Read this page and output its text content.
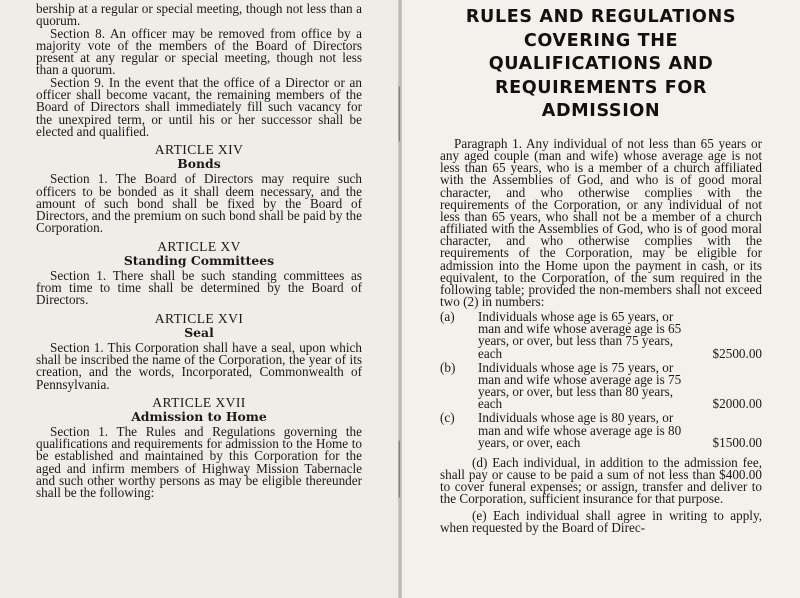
bership at a regular or special meeting, though not less than a quorum.

Section 8. An officer may be removed from office by a majority vote of the members of the Board of Directors present at any regular or special meeting, though not less than a quorum.

Section 9. In the event that the office of a Director or an officer shall become vacant, the remaining members of the Board of Directors shall immediately fill such vacancy for the unexpired term, or until his or her successor shall be elected and qualified.

ARTICLE XIV
Bonds

Section 1. The Board of Directors may require such officers to be bonded as it shall deem necessary, and the amount of such bond shall be fixed by the Board of Directors, and the premium on such bond shall be paid by the Corporation.

ARTICLE XV
Standing Committees

Section 1. There shall be such standing committees as from time to time shall be determined by the Board of Directors.

ARTICLE XVI
Seal

Section 1. This Corporation shall have a seal, upon which shall be inscribed the name of the Corporation, the year of its creation, and the words, Incorporated, Commonwealth of Pennsylvania.

ARTICLE XVII
Admission to Home

Section 1. The Rules and Regulations governing the qualifications and requirements for admission to the Home to be established and maintained by this Corporation for the aged and infirm members of Highway Mission Tabernacle and such other worthy persons as may be eligible thereunder shall be the following:

RULES AND REGULATIONS COVERING THE QUALIFICATIONS AND REQUIREMENTS FOR ADMISSION

Paragraph 1. Any individual of not less than 65 years or any aged couple (man and wife) whose average age is not less than 65 years, who is a member of a church affiliated with the Assemblies of God, and who is of good moral character, and who otherwise complies with the requirements of the Corporation, or any individual of not less than 65 years, who shall not be a member of a church affiliated with the Assemblies of God, who is of good moral character, and who otherwise complies with the requirements of the Corporation, may be eligible for admission into the Home upon the payment in cash, or its equivalent, to the Corporation, of the sum required in the following table; provided the non-members shall not exceed two (2) in numbers:

(a) Individuals whose age is 65 years, or man and wife whose average age is 65 years, or over, but less than 75 years, each	$2500.00
(b) Individuals whose age is 75 years, or man and wife whose average age is 75 years, or over, but less than 80 years, each	$2000.00
(c) Individuals whose age is 80 years, or man and wife whose average age is 80 years, or over, each	$1500.00

(d) Each individual, in addition to the admission fee, shall pay or cause to be paid a sum of not less than $400.00 to cover funeral expenses; or assign, transfer and deliver to the Corporation, sufficient insurance for that purpose.

(e) Each individual shall agree in writing to apply, when requested by the Board of Direc-
